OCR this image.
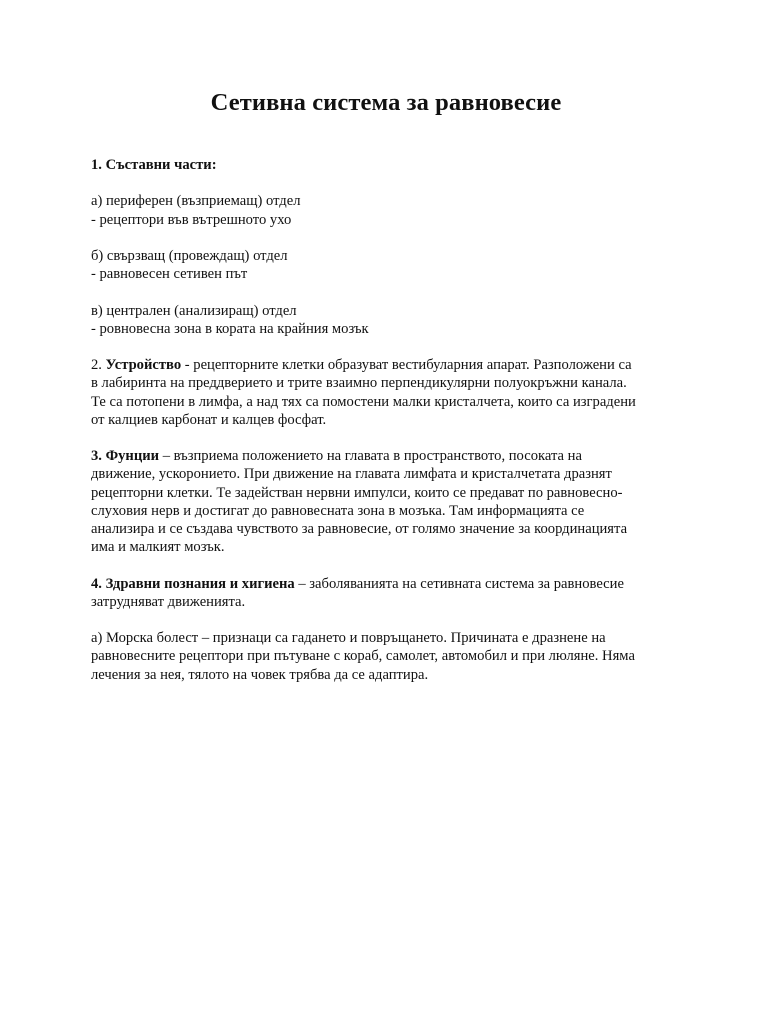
Сетивна система за равновесие

1. Съставни части:

а) периферен (възприемащ) отдел
- рецептори във вътрешното ухо

б) свързващ (провеждащ) отдел
- равновесен сетивен път

в) централен (анализиращ) отдел
- ровновесна зона в кората на крайния мозък

2. Устройство - рецепторните клетки образуват вестибуларния апарат. Разположени са
в лабиринта на преддверието и трите взаимно перпендикулярни полуокръжни канала.
Те са потопени в лимфа, а над тях са помостени малки кристалчета, които са изградени
от калциев карбонат и калцев фосфат.

3. Фунции – възприема положението на главата в пространството, посоката на
движение, ускоронието. При движение на главата лимфата и кристалчетата дразнят
рецепторни клетки. Те задействан нервни импулси, които се предават по равновесно-
слуховия нерв и достигат до равновесната зона в мозъка. Там информацията се
анализира и се създава чувството за равновесие, от голямо значение за координацията
има и малкият мозък.

4. Здравни познания и хигиена – заболяванията на сетивната система за равновесие
затрудняват движенията.

а) Морска болест – признаци са гадането и повръщането. Причината е дразнене на
равновесните рецептори при пътуване с кораб, самолет, автомобил и при люляне. Няма
лечения за нея, тялото на човек трябва да се адаптира.
